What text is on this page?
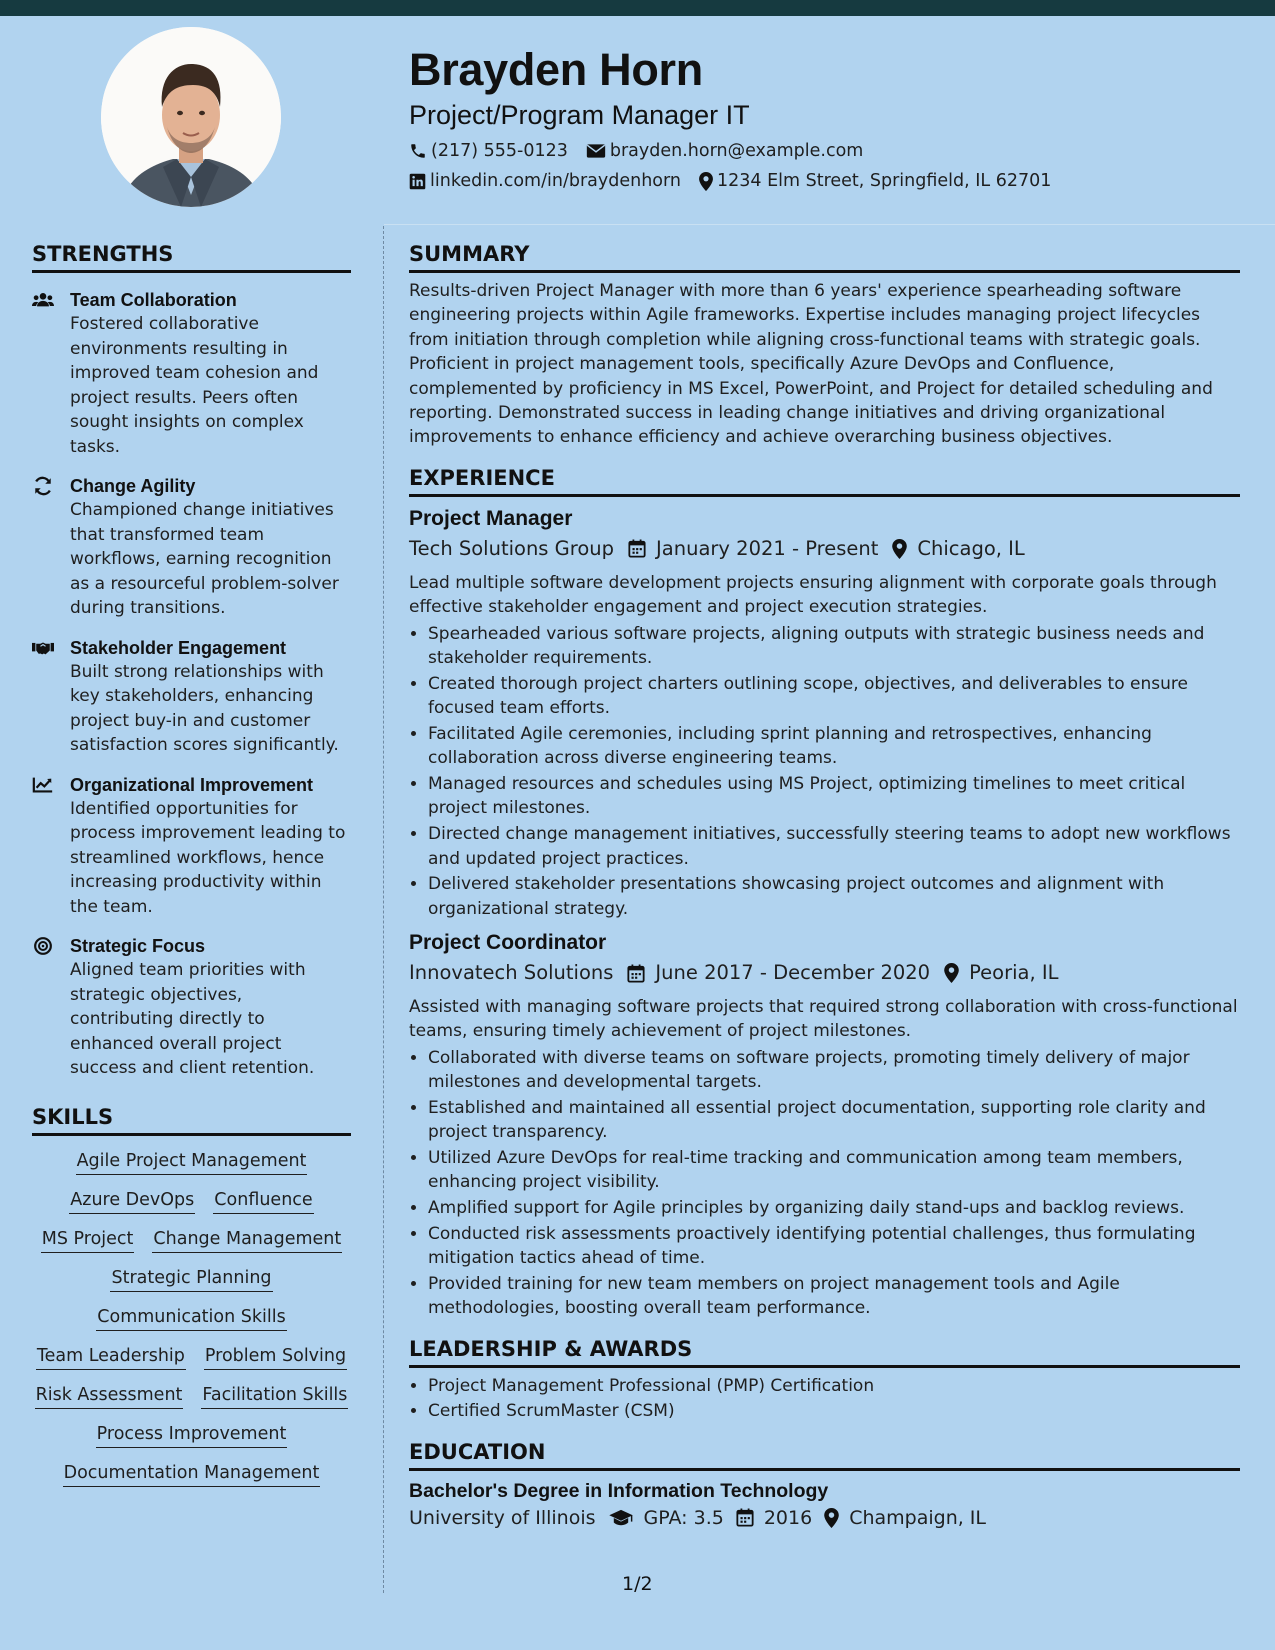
Brayden Horn
Project/Program Manager IT
(217) 555-0123 brayden.horn@example.com
linkedin.com/in/braydenhorn 1234 Elm Street, Springfield, IL 62701
STRENGTHS
Team Collaboration
Fostered collaborative environments resulting in improved team cohesion and project results. Peers often sought insights on complex tasks.
Change Agility
Championed change initiatives that transformed team workflows, earning recognition as a resourceful problem-solver during transitions.
Stakeholder Engagement
Built strong relationships with key stakeholders, enhancing project buy-in and customer satisfaction scores significantly.
Organizational Improvement
Identified opportunities for process improvement leading to streamlined workflows, hence increasing productivity within the team.
Strategic Focus
Aligned team priorities with strategic objectives, contributing directly to enhanced overall project success and client retention.
SKILLS
Agile Project Management
Azure DevOps Confluence
MS Project Change Management
Strategic Planning
Communication Skills
Team Leadership Problem Solving
Risk Assessment Facilitation Skills
Process Improvement
Documentation Management
SUMMARY
Results-driven Project Manager with more than 6 years' experience spearheading software engineering projects within Agile frameworks. Expertise includes managing project lifecycles from initiation through completion while aligning cross-functional teams with strategic goals. Proficient in project management tools, specifically Azure DevOps and Confluence, complemented by proficiency in MS Excel, PowerPoint, and Project for detailed scheduling and reporting. Demonstrated success in leading change initiatives and driving organizational improvements to enhance efficiency and achieve overarching business objectives.
EXPERIENCE
Project Manager
Tech Solutions Group January 2021 - Present Chicago, IL
Lead multiple software development projects ensuring alignment with corporate goals through effective stakeholder engagement and project execution strategies.
• Spearheaded various software projects, aligning outputs with strategic business needs and stakeholder requirements.
• Created thorough project charters outlining scope, objectives, and deliverables to ensure focused team efforts.
• Facilitated Agile ceremonies, including sprint planning and retrospectives, enhancing collaboration across diverse engineering teams.
• Managed resources and schedules using MS Project, optimizing timelines to meet critical project milestones.
• Directed change management initiatives, successfully steering teams to adopt new workflows and updated project practices.
• Delivered stakeholder presentations showcasing project outcomes and alignment with organizational strategy.
Project Coordinator
Innovatech Solutions June 2017 - December 2020 Peoria, IL
Assisted with managing software projects that required strong collaboration with cross-functional teams, ensuring timely achievement of project milestones.
• Collaborated with diverse teams on software projects, promoting timely delivery of major milestones and developmental targets.
• Established and maintained all essential project documentation, supporting role clarity and project transparency.
• Utilized Azure DevOps for real-time tracking and communication among team members, enhancing project visibility.
• Amplified support for Agile principles by organizing daily stand-ups and backlog reviews.
• Conducted risk assessments proactively identifying potential challenges, thus formulating mitigation tactics ahead of time.
• Provided training for new team members on project management tools and Agile methodologies, boosting overall team performance.
LEADERSHIP & AWARDS
• Project Management Professional (PMP) Certification
• Certified ScrumMaster (CSM)
EDUCATION
Bachelor's Degree in Information Technology
University of Illinois	GPA: 3.5 2016 Champaign, IL
1/2
